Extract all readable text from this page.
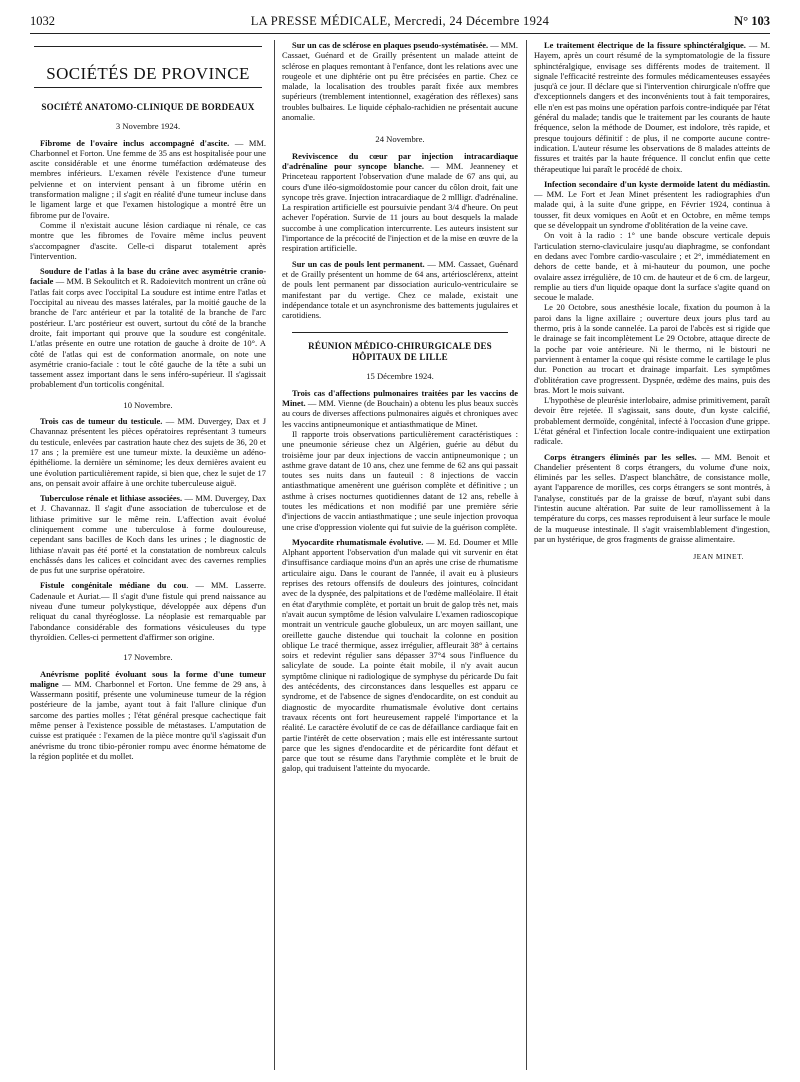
1032	LA PRESSE MÉDICALE, Mercredi, 24 Décembre 1924	N° 103
SOCIÉTÉS DE PROVINCE
SOCIÉTÉ ANATOMO-CLINIQUE DE BORDEAUX
3 Novembre 1924.

Fibrome de l'ovaire inclus accompagné d'ascite. — MM. Charbonnel et Forton. Une femme de 35 ans est hospitalisée pour une ascite considérable et une énorme tuméfaction œdémateuse des membres inférieurs. L'examen révèle l'existence d'une tumeur pelvienne et on intervient pensant à un fibrome utérin en transformation maligne ; il s'agit en réalité d'une tumeur incluse dans le ligament large et que l'examen histologique a montré être un fibrome pur de l'ovaire.

Comme il n'existait aucune lésion cardiaque ni rénale, ce cas montre que les fibromes de l'ovaire même inclus peuvent s'accompagner d'ascite. Celle-ci disparut totalement après l'intervention.

Soudure de l'atlas à la base du crâne avec asymétrie cranio-faciale — MM. B Sekoulitch et R. Radoievitch montrent un crâne où l'atlas fait corps avec l'occipital La soudure est intime entre l'atlas et l'occipital au niveau des masses latérales, par la moitié gauche de la branche de l'arc antérieur et par la totalité de la branche de l'arc postérieur. L'arc postérieur est ouvert, surtout du côté de la branche droite, fait important qui prouve que la soudure est congénitale. L'atlas présente en outre une rotation de gauche à droite de 10°. A côté de l'atlas qui est de conformation anormale, on note une asymétrie cranio-faciale : tout le côté gauche de la tête a subi un tassement assez important dans le sens inféro-supérieur. Il s'agissait probablement d'un torticolis congénital.

10 Novembre.

Trois cas de tumeur du testicule. — MM. Duvergey, Dax et J Chavannaz présentent les pièces opératoires représentant 3 tumeurs du testicule, enlevées par castration haute chez des sujets de 36, 20 et 17 ans ; la première est une tumeur mixte. la deuxième un adéno-épithéliome. la dernière un séminome; les deux dernières avaient eu une évolution particulièrement rapide, si bien que, chez le sujet de 17 ans, on pensait avoir affaire à une orchite tuberculeuse aiguë.

Tuberculose rénale et lithiase associées. — MM. Duvergey, Dax et J. Chavannaz. Il s'agit d'une association de tuberculose et de lithiase primitive sur le même rein. L'affection avait évolué cliniquement comme une tuberculose à forme douloureuse, cependant sans bacilles de Koch dans les urines ; le diagnostic de lithiase n'avait pas été porté et la constatation de nombreux calculs enchâssés dans les calices et coïncidant avec des cavernes remplies de pus fut une surprise opératoire.

Fistule congénitale médiane du cou. — MM. Lasserre. Cadenaule et Auriat.— Il s'agit d'une fistule qui prend naissance au niveau d'une tumeur polykystique, développée aux dépens d'un reliquat du canal thyréoglosse. La néoplasie est remarquable par l'abondance considérable des formations vésiculeuses du type thyroïdien. Celles-ci permettent d'affirmer son origine.

17 Novembre.

Anévrisme poplité évoluant sous la forme d'une tumeur maligne — MM. Charbonnel et Forton. Une femme de 29 ans, à Wassermann positif, présente une volumineuse tumeur de la région postérieure de la jambe, ayant tout à fait l'allure clinique d'un sarcome des parties molles ; l'état général presque cachectique fait même penser à l'existence possible de métastases. L'amputation de cuisse est pratiquée : l'examen de la pièce montre qu'il s'agissait d'un anévrisme du tronc tibio-péronier rompu avec énorme hématome de la région poplitée et du mollet.

Sur un cas de sclérose en plaques pseudo-systématisée. — MM. Cassaet, Guénard et de Grailly présentent un malade atteint de sclérose en plaques remontant à l'enfance, dont les relations avec une rougeole et une diphtérie ont pu être précisées en partie. Chez ce malade, la localisation des troubles paraît fixée aux membres supérieurs (tremblement intentionnel, exagération des réflexes) sans troubles bulbaires. Le liquide céphalo-rachidien ne présentait aucune anomalie.

24 Novembre.

Reviviscence du cœur par injection intracardiaque d'adrénaline pour syncope blanche. — MM. Jeanneney et Princeteau rapportent l'observation d'une malade de 67 ans qui, au cours d'une iléo-sigmoïdostomie pour cancer du côlon droit, fait une syncope très grave. Injection intracardiaque de 2 mllligr. d'adrénaline. La respiration artificielle est poursuivie pendant 3/4 d'heure. On peut achever l'opération. Survie de 11 jours au bout desquels la malade succombe à une complication intercurrente. Les auteurs insistent sur l'importance de la précocité de l'injection et de la mise en œuvre de la respiration artificielle.

Sur un cas de pouls lent permanent. — MM. Cassaet, Guénard et de Grailly présentent un homme de 64 ans, artériosclérenx, atteint de pouls lent permanent par dissociation auriculo-ventriculaire se manifestant par du vertige. Chez ce malade, existait une indépendance totale et un asynchronisme des battements jugulaires et carotidiens.

RÉUNION MÉDICO-CHIRURGICALE DES HÔPITAUX DE LILLE
15 Décembre 1924.

Trois cas d'affections pulmonaires traitées par les vaccins de Minet. — MM. Vienne (de Bouchain) a obtenu les plus beaux succès au cours de diverses affections pulmonaires aiguës et chroniques avec les vaccins antipneumonique et antiasthmatique de Minet.

Il rapporte trois observations particulièrement caractéristiques : une pneumonie sérieuse chez un Algérien, guérie au début du troisième jour par deux injections de vaccin antipneumonique ; un asthme grave datant de 10 ans, chez une femme de 62 ans qui passait toutes ses nuits dans un fauteuil : 8 injections de vaccin antiasthmatique amenèrent une guérison complète et définitive ; un asthme à crises nocturnes quotidiennes datant de 12 ans, rebelle à toutes les médications et non modifié par une première série d'injections de vaccin antiasthmatique ; une seule injection provoqua une crise d'oppression violente qui fut suivie de la guérison complète.

Myocardite rhumatismale évolutive. — M. Ed. Doumer et Mlle Alphant apportent l'observation d'un malade qui vit survenir en état d'insuffisance cardiaque moins d'un an après une crise de rhumatisme articulaire aigu. Dans le courant de l'année, il avait eu à plusieurs reprises des retours offensifs de douleurs des jointures, coïncidant avec de la dyspnée, des palpitations et de l'œdème malléolaire. Il était en état d'arythmie complète, et portait un bruit de galop très net, mais n'avait aucun symptôme de lésion valvulaire L'examen radioscopique montrait un ventricule gauche globuleux, un arc moyen saillant, une oreillette gauche distendue qui touchait la colonne en position oblique Le tracé thermique, assez irrégulier, affleurait 38° à certains soirs et redevint régulier sans dépasser 37°4 sous l'influence du salicylate de soude. La pointe était mobile, il n'y avait aucun symptôme clinique ni radiologique de symphyse du péricarde Du fait des antécédents, des circonstances dans lesquelles est apparu ce syndrome, et de l'absence de signes d'endocardite, on est conduit au diagnostic de myocardite rhumatismale évolutive dont certains travaux récents ont fort heureusement rappelé l'importance et la réalité. Le caractère évolutif de ce cas de défaillance cardiaque fait en partie l'intérêt de cette observation ; mais elle est intéressante surtout parce que les signes d'endocardite et de péricardite font défaut et parce que tout se résume dans l'arythmie complète et le bruit de galop, qui traduisent l'atteinte du myocarde.

Le traitement électrique de la fissure sphinctéralgique. — M. Hayem, après un court résumé de la symptomatologie de la fissure sphinctéralgique, envisage ses différents modes de traitement. Il signale l'efficacité restreinte des formules médicamenteuses essayées jusqu'à ce jour. Il déclare que si l'intervention chirurgicale n'offre que d'exceptionnels dangers et des inconvénients tout à fait temporaires, elle n'en est pas moins une opération parfois contre-indiquée par l'état général du malade; tandis que le traitement par les courants de haute fréquence, selon la méthode de Doumer, est indolore, très rapide, et presque toujours définitif : de plus, il ne comporte aucune contre-indication. L'auteur résume les observations de 8 malades atteints de fissures et traités par la haute fréquence. Il conclut enfin que cette thérapeutique lui paraît le procédé de choix.

Infection secondaire d'un kyste dermoïde latent du médiastin. — MM. Le Fort et Jean Minet présentent les radiographies d'un malade qui, à la suite d'une grippe, en Février 1924, continua à tousser, fit deux vomiques en Août et en Octobre, en même temps que se développait un syndrome d'oblitération de la veine cave.

On voit à la radio : 1° une bande obscure verticale depuis l'articulation sterno-claviculaire jusqu'au diaphragme, se confondant en dedans avec l'ombre cardio-vasculaire ; et 2°, immédiatement en dehors de cette bande, et à mi-hauteur du poumon, une poche ovalaire assez irrégulière, de 10 cm. de hauteur et de 6 cm. de largeur, remplie au tiers d'un liquide opaque dont la surface s'agite quand on secoue le malade.

Le 20 Octobre, sous anesthésie locale, fixation du poumon à la paroi dans la ligne axillaire ; ouverture deux jours plus tard au thermo, pris à la sonde cannelée. La paroi de l'abcès est si rigide que le drainage se fait incomplètement Le 29 Octobre, attaque directe de la poche par voie antérieure. Ni le thermo, ni le bistouri ne parviennent à entamer la coque qui résiste comme le cartilage le plus dur. Ponction au trocart et drainage imparfait. Les symptômes d'oblitération cave progressent. Dyspnée, œdème des mains, puis des bras. Mort le mois suivant.

L'hypothèse de pleurésie interlobaire, admise primitivement, paraît devoir être rejetée. Il s'agissait, sans doute, d'un kyste calcifié, probablement dermoïde, congénital, infecté à l'occasion d'une grippe. L'état général et l'infection locale contre-indiquaient une extirpation radicale.

Corps étrangers éliminés par les selles. — MM. Benoit et Chandelier présentent 8 corps étrangers, du volume d'une noix, éliminés par les selles. D'aspect blanchâtre, de consistance molle, ayant l'apparence de morilles, ces corps étrangers se sont montrés, à l'analyse, constitués par de la graisse de bœuf, n'ayant subi dans l'intestin aucune altération. Par suite de leur ramollissement à la température du corps, ces masses reproduisent à leur surface le moule de la muqueuse intestinale. Il s'agit vraisemblablement d'ingestion, par un hystérique, de gros fragments de graisse alimentaire.

JEAN MINET.
